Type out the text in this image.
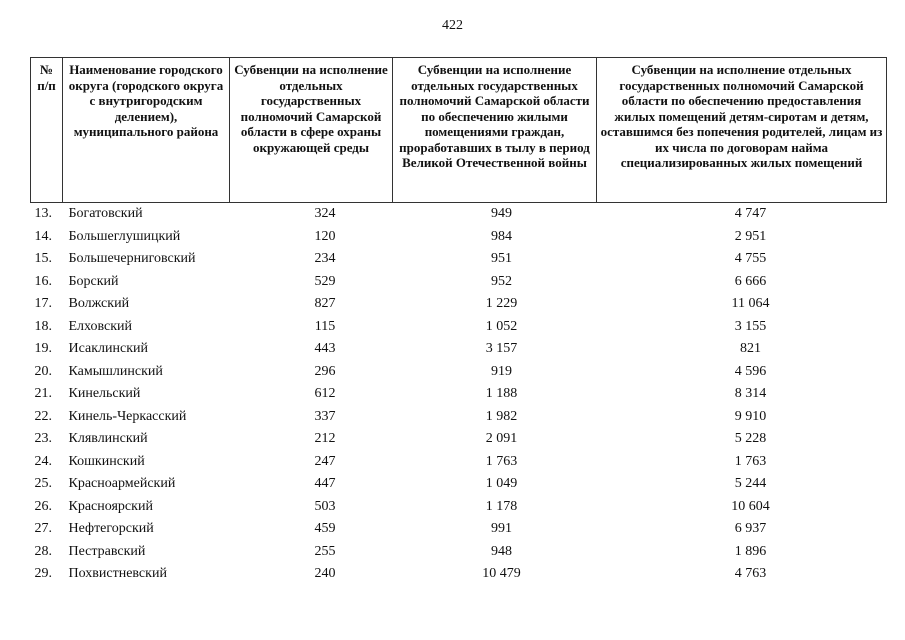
422
№ п/п	Наименование городского округа (городского округа с внутригородским делением), муниципального района	Субвенции на исполнение отдельных государственных полномочий Самарской области в сфере охраны окружающей среды	Субвенции на исполнение отдельных государственных полномочий Самарской области по обеспечению жилыми помещениями граждан, проработавших в тылу в период Великой Отечественной войны	Субвенции на исполнение отдельных государственных полномочий Самарской области по обеспечению предоставления жилых помещений детям-сиротам и детям, оставшимся без попечения родителей, лицам из их числа по договорам найма специализированных жилых помещений
13.	Богатовский	324	949	4 747
14.	Большеглушицкий	120	984	2 951
15.	Большечерниговский	234	951	4 755
16.	Борский	529	952	6 666
17.	Волжский	827	1 229	11 064
18.	Елховский	115	1 052	3 155
19.	Исаклинский	443	3 157	821
20.	Камышлинский	296	919	4 596
21.	Кинельский	612	1 188	8 314
22.	Кинель-Черкасский	337	1 982	9 910
23.	Клявлинский	212	2 091	5 228
24.	Кошкинский	247	1 763	1 763
25.	Красноармейский	447	1 049	5 244
26.	Красноярский	503	1 178	10 604
27.	Нефтегорский	459	991	6 937
28.	Пестравский	255	948	1 896
29.	Похвистневский	240	10 479	4 763
